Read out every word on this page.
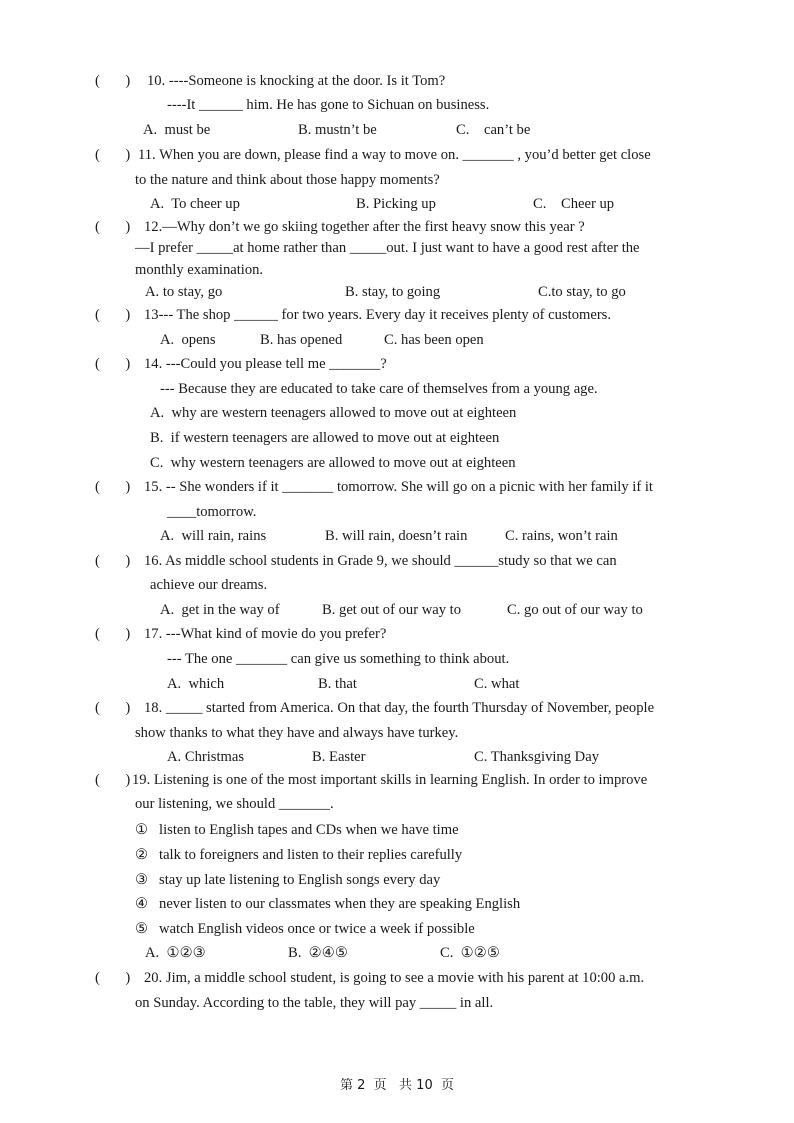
(       ) 10. ----Someone is knocking at the door. Is it Tom?
----It ______ him. He has gone to Sichuan on business.
A.  must be	B. mustn’t be	C.    can’t be
(       ) 11. When you are down, please find a way to move on. _______ , you’d better get close
to the nature and think about those happy moments?
A.  To cheer up	B. Picking up	C.    Cheer up
(       ) 12.—Why don’t we go skiing together after the first heavy snow this year ?
—I prefer _____at home rather than _____out. I just want to have a good rest after the
monthly examination.
A. to stay, go	B. stay, to going	C.to stay, to go
(       ) 13--- The shop ______ for two years. Every day it receives plenty of customers.
A.  opens	B. has opened	C. has been open
(       ) 14. ---Could you please tell me _______?
--- Because they are educated to take care of themselves from a young age.
A.  why are western teenagers allowed to move out at eighteen
B.  if western teenagers are allowed to move out at eighteen
C.  why western teenagers are allowed to move out at eighteen
(       ) 15. -- She wonders if it _______ tomorrow. She will go on a picnic with her family if it
____tomorrow.
A.  will rain, rains	B. will rain, doesn’t rain	C. rains, won’t rain
(       ) 16. As middle school students in Grade 9, we should ______study so that we can
achieve our dreams.
A.  get in the way of	B. get out of our way to	C. go out of our way to
(       ) 17. ---What kind of movie do you prefer?
--- The one _______ can give us something to think about.
A.  which	B. that	C. what
(       ) 18. _____ started from America. On that day, the fourth Thursday of November, people
show thanks to what they have and always have turkey.
A. Christmas	B. Easter	C. Thanksgiving Day
(       ) 19. Listening is one of the most important skills in learning English. In order to improve
our listening, we should _______.
①   listen to English tapes and CDs when we have time
②   talk to foreigners and listen to their replies carefully
③   stay up late listening to English songs every day
④   never listen to our classmates when they are speaking English
⑤   watch English videos once or twice a week if possible
A.  ①②③	B.  ②④⑤	C.  ①②⑤
(       ) 20. Jim, a middle school student, is going to see a movie with his parent at 10:00 a.m.
on Sunday. According to the table, they will pay _____ in all.
第 2  页   共 10  页
